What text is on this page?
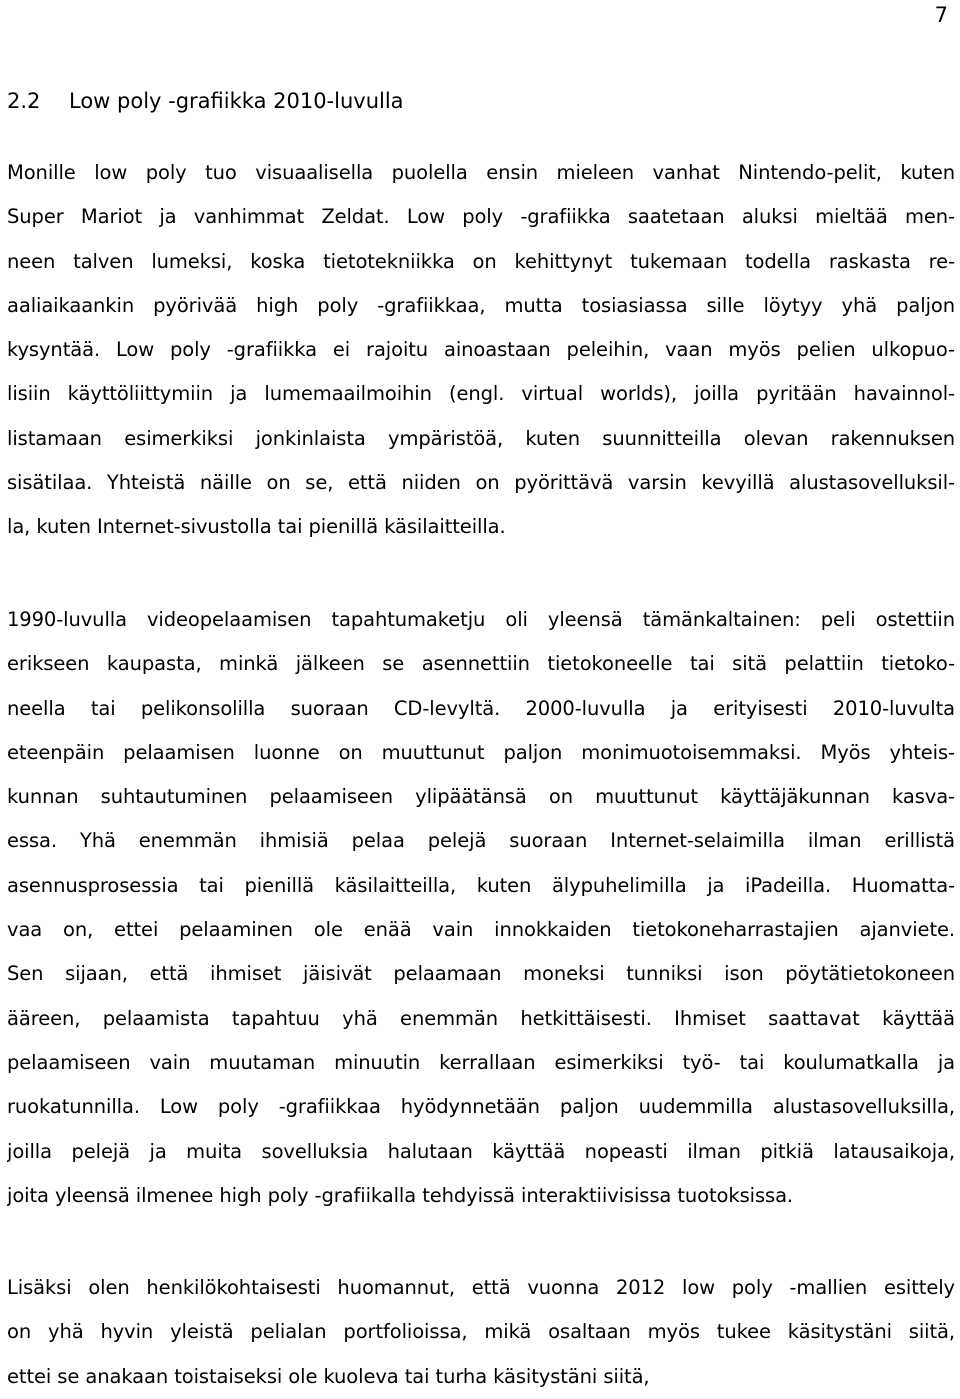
7
2.2 Low poly -grafiikka 2010-luvulla
Monille low poly tuo visuaalisella puolella ensin mieleen vanhat Nintendo-pelit, kuten
Super Mariot ja vanhimmat Zeldat. Low poly -grafiikka saatetaan aluksi mieltää men-
neen talven lumeksi, koska tietotekniikka on kehittynyt tukemaan todella raskasta re-
aaliaikaankin pyörivää high poly -grafiikkaa, mutta tosiasiassa sille löytyy yhä paljon
kysyntää. Low poly -grafiikka ei rajoitu ainoastaan peleihin, vaan myös pelien ulkopuo-
lisiin käyttöliittymiin ja lumemaailmoihin (engl. virtual worlds), joilla pyritään havainnol-
listamaan esimerkiksi jonkinlaista ympäristöä, kuten suunnitteilla olevan rakennuksen
sisätilaa. Yhteistä näille on se, että niiden on pyörittävä varsin kevyillä alustasovelluksil-
la, kuten Internet-sivustolla tai pienillä käsilaitteilla.
1990-luvulla videopelaamisen tapahtumaketju oli yleensä tämänkaltainen: peli ostettiin
erikseen kaupasta, minkä jälkeen se asennettiin tietokoneelle tai sitä pelattiin tietoko-
neella tai pelikonsolilla suoraan CD-levyltä. 2000-luvulla ja erityisesti 2010-luvulta
eteenpäin pelaamisen luonne on muuttunut paljon monimuotoisemmaksi. Myös yhteis-
kunnan suhtautuminen pelaamiseen ylipäätänsä on muuttunut käyttäjäkunnan kasva-
essa. Yhä enemmän ihmisiä pelaa pelejä suoraan Internet-selaimilla ilman erillistä
asennusprosessia tai pienillä käsilaitteilla, kuten älypuhelimilla ja iPadeilla. Huomatta-
vaa on, ettei pelaaminen ole enää vain innokkaiden tietokoneharrastajien ajanviete.
Sen sijaan, että ihmiset jäisivät pelaamaan moneksi tunniksi ison pöytätietokoneen
ääreen, pelaamista tapahtuu yhä enemmän hetkittäisesti. Ihmiset saattavat käyttää
pelaamiseen vain muutaman minuutin kerrallaan esimerkiksi työ- tai koulumatkalla ja
ruokatunnilla. Low poly -grafiikkaa hyödynnetään paljon uudemmilla alustasovelluksilla,
joilla pelejä ja muita sovelluksia halutaan käyttää nopeasti ilman pitkiä latausaikoja,
joita yleensä ilmenee high poly -grafiikalla tehdyissä interaktiivisissa tuotoksissa.
Lisäksi olen henkilökohtaisesti huomannut, että vuonna 2012 low poly -mallien esittely
on yhä hyvin yleistä pelialan portfolioissa, mikä osaltaan myös tukee käsitystäni siitä,
ettei se anakaan toistaiseksi ole kuoleva tai turha käsitystäni siitä,
